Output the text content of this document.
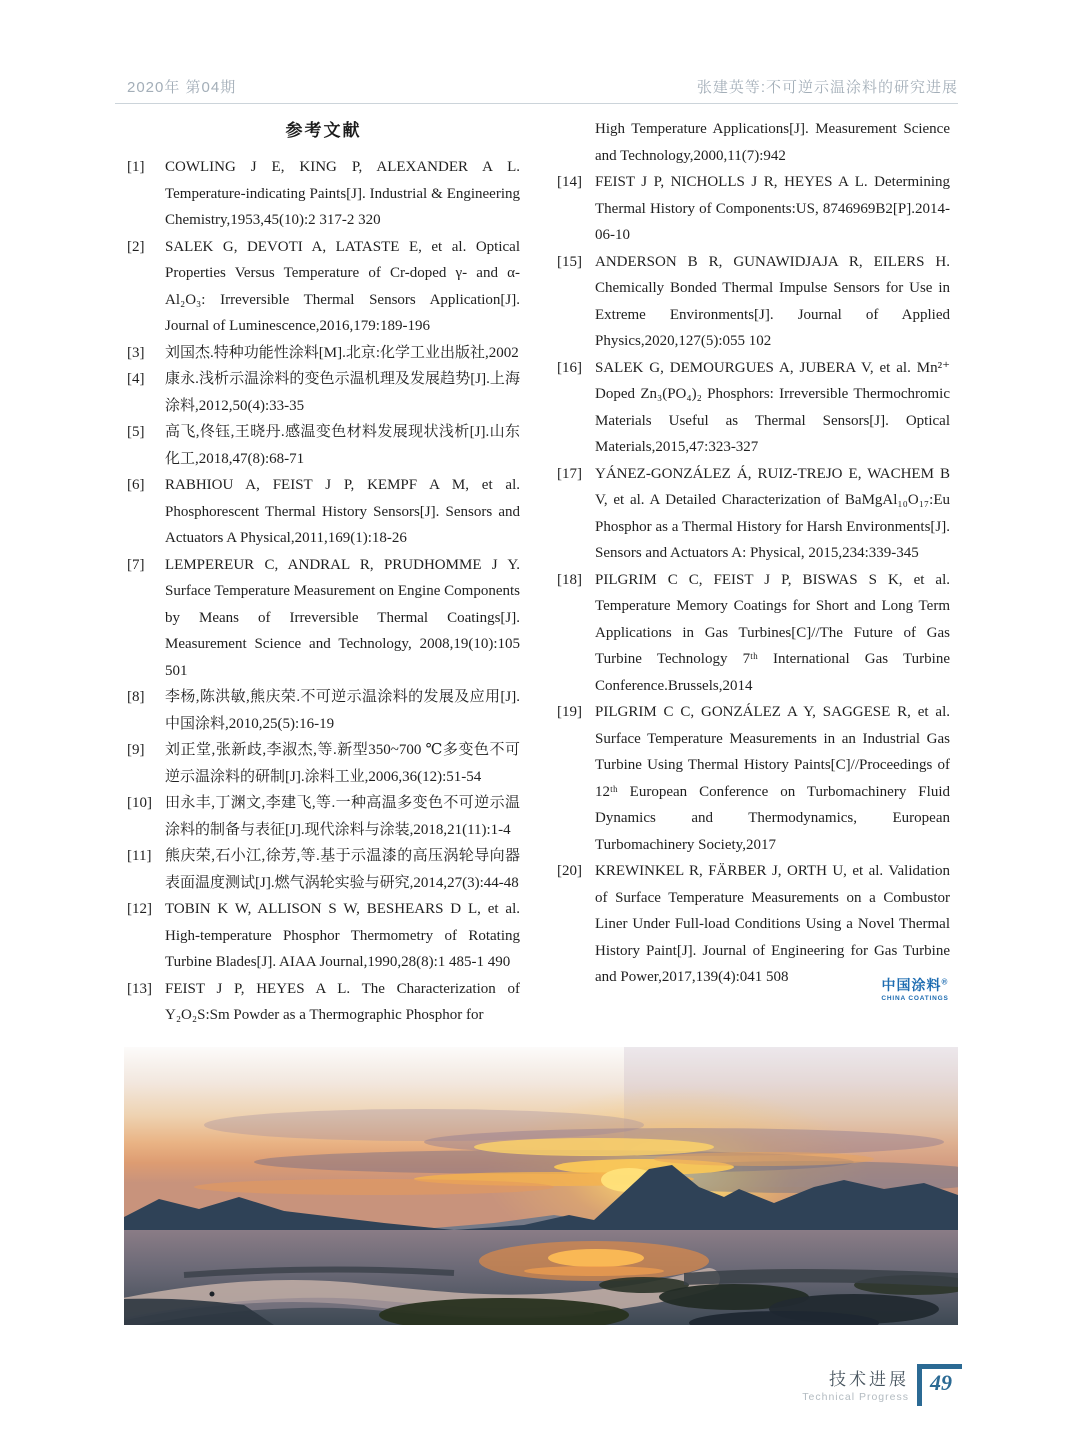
2020年 第04期	张建英等:不可逆示温涂料的研究进展
参考文献
[1] COWLING J E, KING P, ALEXANDER A L. Temperature-indicating Paints[J]. Industrial & Engineering Chemistry,1953,45(10):2 317-2 320
[2] SALEK G, DEVOTI A, LATASTE E, et al. Optical Properties Versus Temperature of Cr-doped γ- and α-Al₂O₃: Irreversible Thermal Sensors Application[J]. Journal of Luminescence,2016,179:189-196
[3] 刘国杰.特种功能性涂料[M].北京:化学工业出版社,2002
[4] 康永.浅析示温涂料的变色示温机理及发展趋势[J].上海涂料,2012,50(4):33-35
[5] 高飞,佟钰,王晓丹.感温变色材料发展现状浅析[J].山东化工,2018,47(8):68-71
[6] RABHIOU A, FEIST J P, KEMPF A M, et al. Phosphorescent Thermal History Sensors[J]. Sensors and Actuators A Physical,2011,169(1):18-26
[7] LEMPEREUR C, ANDRAL R, PRUDHOMME J Y. Surface Temperature Measurement on Engine Components by Means of Irreversible Thermal Coatings[J]. Measurement Science and Technology, 2008,19(10):105 501
[8] 李杨,陈洪敏,熊庆荣.不可逆示温涂料的发展及应用[J].中国涂料,2010,25(5):16-19
[9] 刘正堂,张新歧,李淑杰,等.新型350~700 ℃多变色不可逆示温涂料的研制[J].涂料工业,2006,36(12):51-54
[10] 田永丰,丁渊文,李建飞,等.一种高温多变色不可逆示温涂料的制备与表征[J].现代涂料与涂装,2018,21(11):1-4
[11] 熊庆荣,石小江,徐芳,等.基于示温漆的高压涡轮导向器表面温度测试[J].燃气涡轮实验与研究,2014,27(3):44-48
[12] TOBIN K W, ALLISON S W, BESHEARS D L, et al. High-temperature Phosphor Thermometry of Rotating Turbine Blades[J]. AIAA Journal,1990,28(8):1 485-1 490
[13] FEIST J P, HEYES A L. The Characterization of Y₂O₂S:Sm Powder as a Thermographic Phosphor for
High Temperature Applications[J]. Measurement Science and Technology,2000,11(7):942
[14] FEIST J P, NICHOLLS J R, HEYES A L. Determining Thermal History of Components:US, 8746969B2[P].2014-06-10
[15] ANDERSON B R, GUNAWIDJAJA R, EILERS H. Chemically Bonded Thermal Impulse Sensors for Use in Extreme Environments[J]. Journal of Applied Physics,2020,127(5):055 102
[16] SALEK G, DEMOURGUES A, JUBERA V, et al. Mn²⁺ Doped Zn₃(PO₄)₂ Phosphors: Irreversible Thermochromic Materials Useful as Thermal Sensors[J]. Optical Materials,2015,47:323-327
[17] YÁNEZ-GONZÁLEZ Á, RUIZ-TREJO E, WACHEM B V, et al. A Detailed Characterization of BaMgAl₁₀O₁₇:Eu Phosphor as a Thermal History for Harsh Environments[J]. Sensors and Actuators A: Physical, 2015,234:339-345
[18] PILGRIM C C, FEIST J P, BISWAS S K, et al. Temperature Memory Coatings for Short and Long Term Applications in Gas Turbines[C]//The Future of Gas Turbine Technology 7ᵗʰ International Gas Turbine Conference.Brussels,2014
[19] PILGRIM C C, GONZÁLEZ A Y, SAGGESE R, et al. Surface Temperature Measurements in an Industrial Gas Turbine Using Thermal History Paints[C]//Proceedings of 12ᵗʰ European Conference on Turbomachinery Fluid Dynamics and Thermodynamics, European Turbomachinery Society,2017
[20] KREWINKEL R, FÄRBER J, ORTH U, et al. Validation of Surface Temperature Measurements on a Combustor Liner Under Full-load Conditions Using a Novel Thermal History Paint[J]. Journal of Engineering for Gas Turbine and Power,2017,139(4):041 508	中国涂料®
CHINA COATINGS
技术进展
Technical Progress
49
